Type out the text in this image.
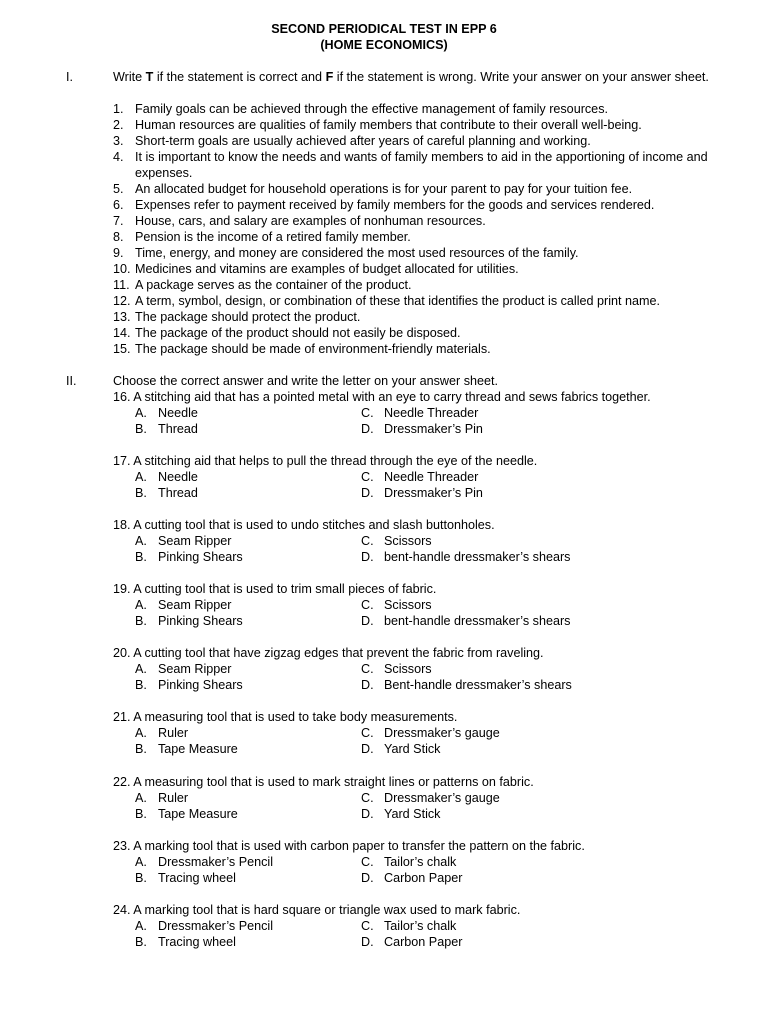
SECOND PERIODICAL TEST IN EPP 6
(HOME ECONOMICS)
I.	Write T if the statement is correct and F if the statement is wrong. Write your answer on your answer sheet.
1. Family goals can be achieved through the effective management of family resources.
2. Human resources are qualities of family members that contribute to their overall well-being.
3. Short-term goals are usually achieved after years of careful planning and working.
4. It is important to know the needs and wants of family members to aid in the apportioning of income and expenses.
5. An allocated budget for household operations is for your parent to pay for your tuition fee.
6. Expenses refer to payment received by family members for the goods and services rendered.
7. House, cars, and salary are examples of nonhuman resources.
8. Pension is the income of a retired family member.
9. Time, energy, and money are considered the most used resources of the family.
10. Medicines and vitamins are examples of budget allocated for utilities.
11. A package serves as the container of the product.
12. A term, symbol, design, or combination of these that identifies the product is called print name.
13. The package should protect the product.
14. The package of the product should not easily be disposed.
15. The package should be made of environment-friendly materials.
II.	Choose the correct answer and write the letter on your answer sheet.
16. A stitching aid that has a pointed metal with an eye to carry thread and sews fabrics together.
A. Needle	C. Needle Threader
B. Thread	D. Dressmaker’s Pin
17. A stitching aid that helps to pull the thread through the eye of the needle.
A. Needle	C. Needle Threader
B. Thread	D. Dressmaker’s Pin
18. A cutting tool that is used to undo stitches and slash buttonholes.
A. Seam Ripper	C. Scissors
B. Pinking Shears	D. bent-handle dressmaker’s shears
19. A cutting tool that is used to trim small pieces of fabric.
A. Seam Ripper	C. Scissors
B. Pinking Shears	D. bent-handle dressmaker’s shears
20. A cutting tool that have zigzag edges that prevent the fabric from raveling.
A. Seam Ripper	C. Scissors
B. Pinking Shears	D. Bent-handle dressmaker’s shears
21. A measuring tool that is used to take body measurements.
A. Ruler	C. Dressmaker’s gauge
B. Tape Measure	D. Yard Stick
22. A measuring tool that is used to mark straight lines or patterns on fabric.
A. Ruler	C. Dressmaker’s gauge
B. Tape Measure	D. Yard Stick
23. A marking tool that is used with carbon paper to transfer the pattern on the fabric.
A. Dressmaker’s Pencil	C. Tailor’s chalk
B. Tracing wheel	D. Carbon Paper
24. A marking tool that is hard square or triangle wax used to mark fabric.
A. Dressmaker’s Pencil	C. Tailor’s chalk
B. Tracing wheel	D. Carbon Paper
